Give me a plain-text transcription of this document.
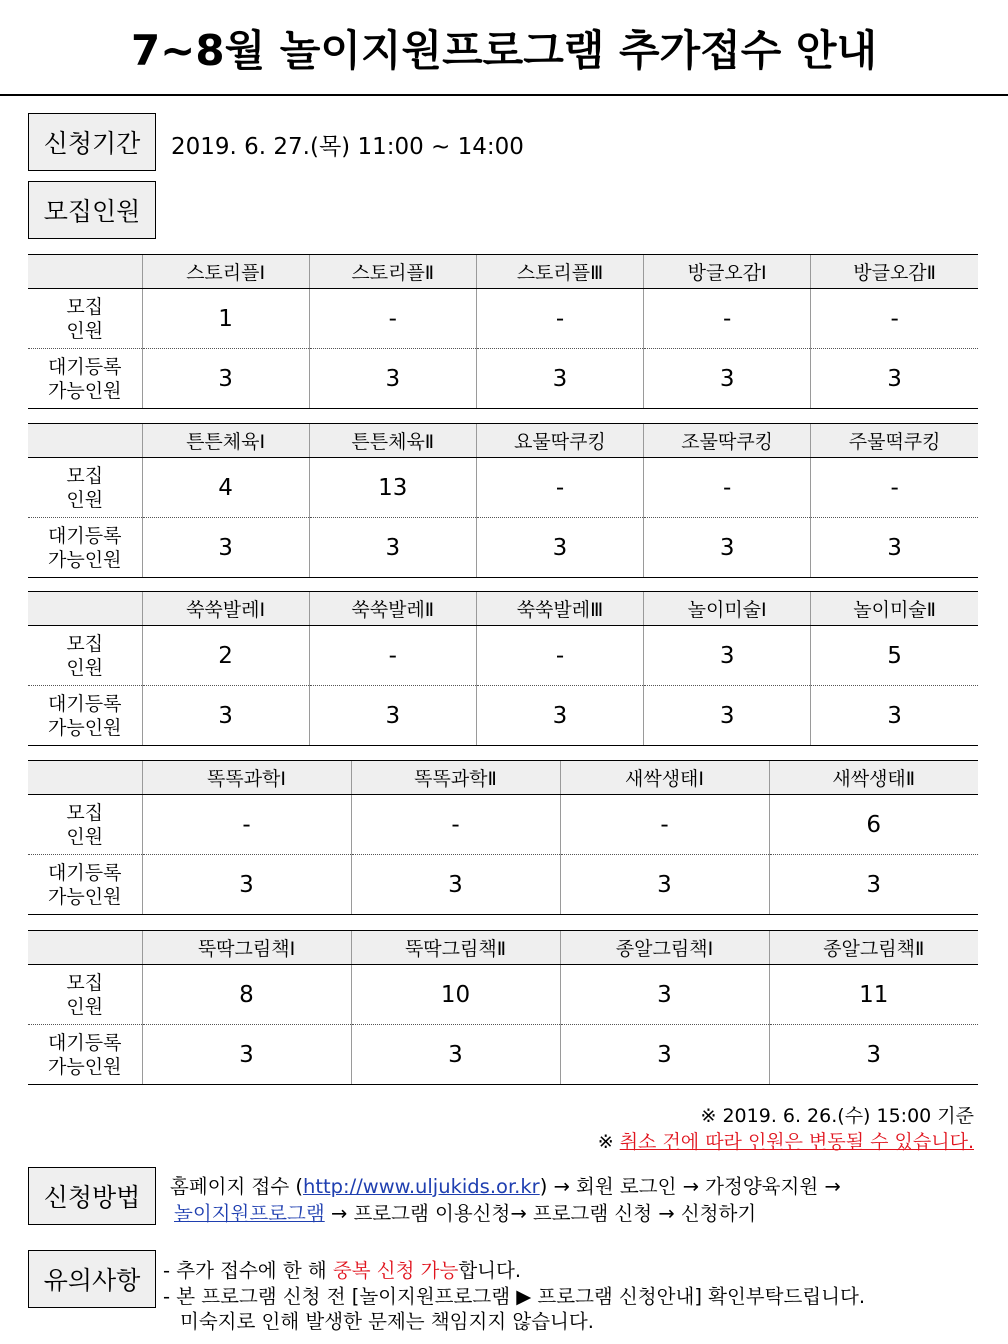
7~8월 놀이지원프로그램 추가접수 안내
신청기간	2019. 6. 27.(목) 11:00 ~ 14:00
모집인원
	스토리플Ⅰ	스토리플Ⅱ	스토리플Ⅲ	방글오감Ⅰ	방글오감Ⅱ

모집
인원	1	-	-	-	-

대기등록
가능인원	3	3	3	3	3
	튼튼체육Ⅰ	튼튼체육Ⅱ	요물딱쿠킹	조물딱쿠킹	주물떡쿠킹

모집
인원	4	13	-	-	-

대기등록
가능인원	3	3	3	3	3
	쑥쑥발레Ⅰ	쑥쑥발레Ⅱ	쑥쑥발레Ⅲ	놀이미술Ⅰ	놀이미술Ⅱ

모집
인원	2	-	-	3	5

대기등록
가능인원	3	3	3	3	3
	똑똑과학Ⅰ	똑똑과학Ⅱ	새싹생태Ⅰ	새싹생태Ⅱ

모집
인원	-	-	-	6

대기등록
가능인원	3	3	3	3
	뚝딱그림책Ⅰ	뚝딱그림책Ⅱ	종알그림책Ⅰ	종알그림책Ⅱ

모집
인원	8	10	3	11

대기등록
가능인원	3	3	3	3
※ 2019. 6. 26.(수) 15:00 기준
※ 취소 건에 따라 인원은 변동될 수 있습니다.
신청방법	홈페이지 접수 (http://www.uljukids.or.kr) → 회원 로그인 → 가정양육지원 →
놀이지원프로그램 → 프로그램 이용신청→ 프로그램 신청 → 신청하기
유의사항	- 추가 접수에 한 해 중복 신청 가능합니다.
- 본 프로그램 신청 전 [놀이지원프로그램 ▶ 프로그램 신청안내] 확인부탁드립니다.
미숙지로 인해 발생한 문제는 책임지지 않습니다.
